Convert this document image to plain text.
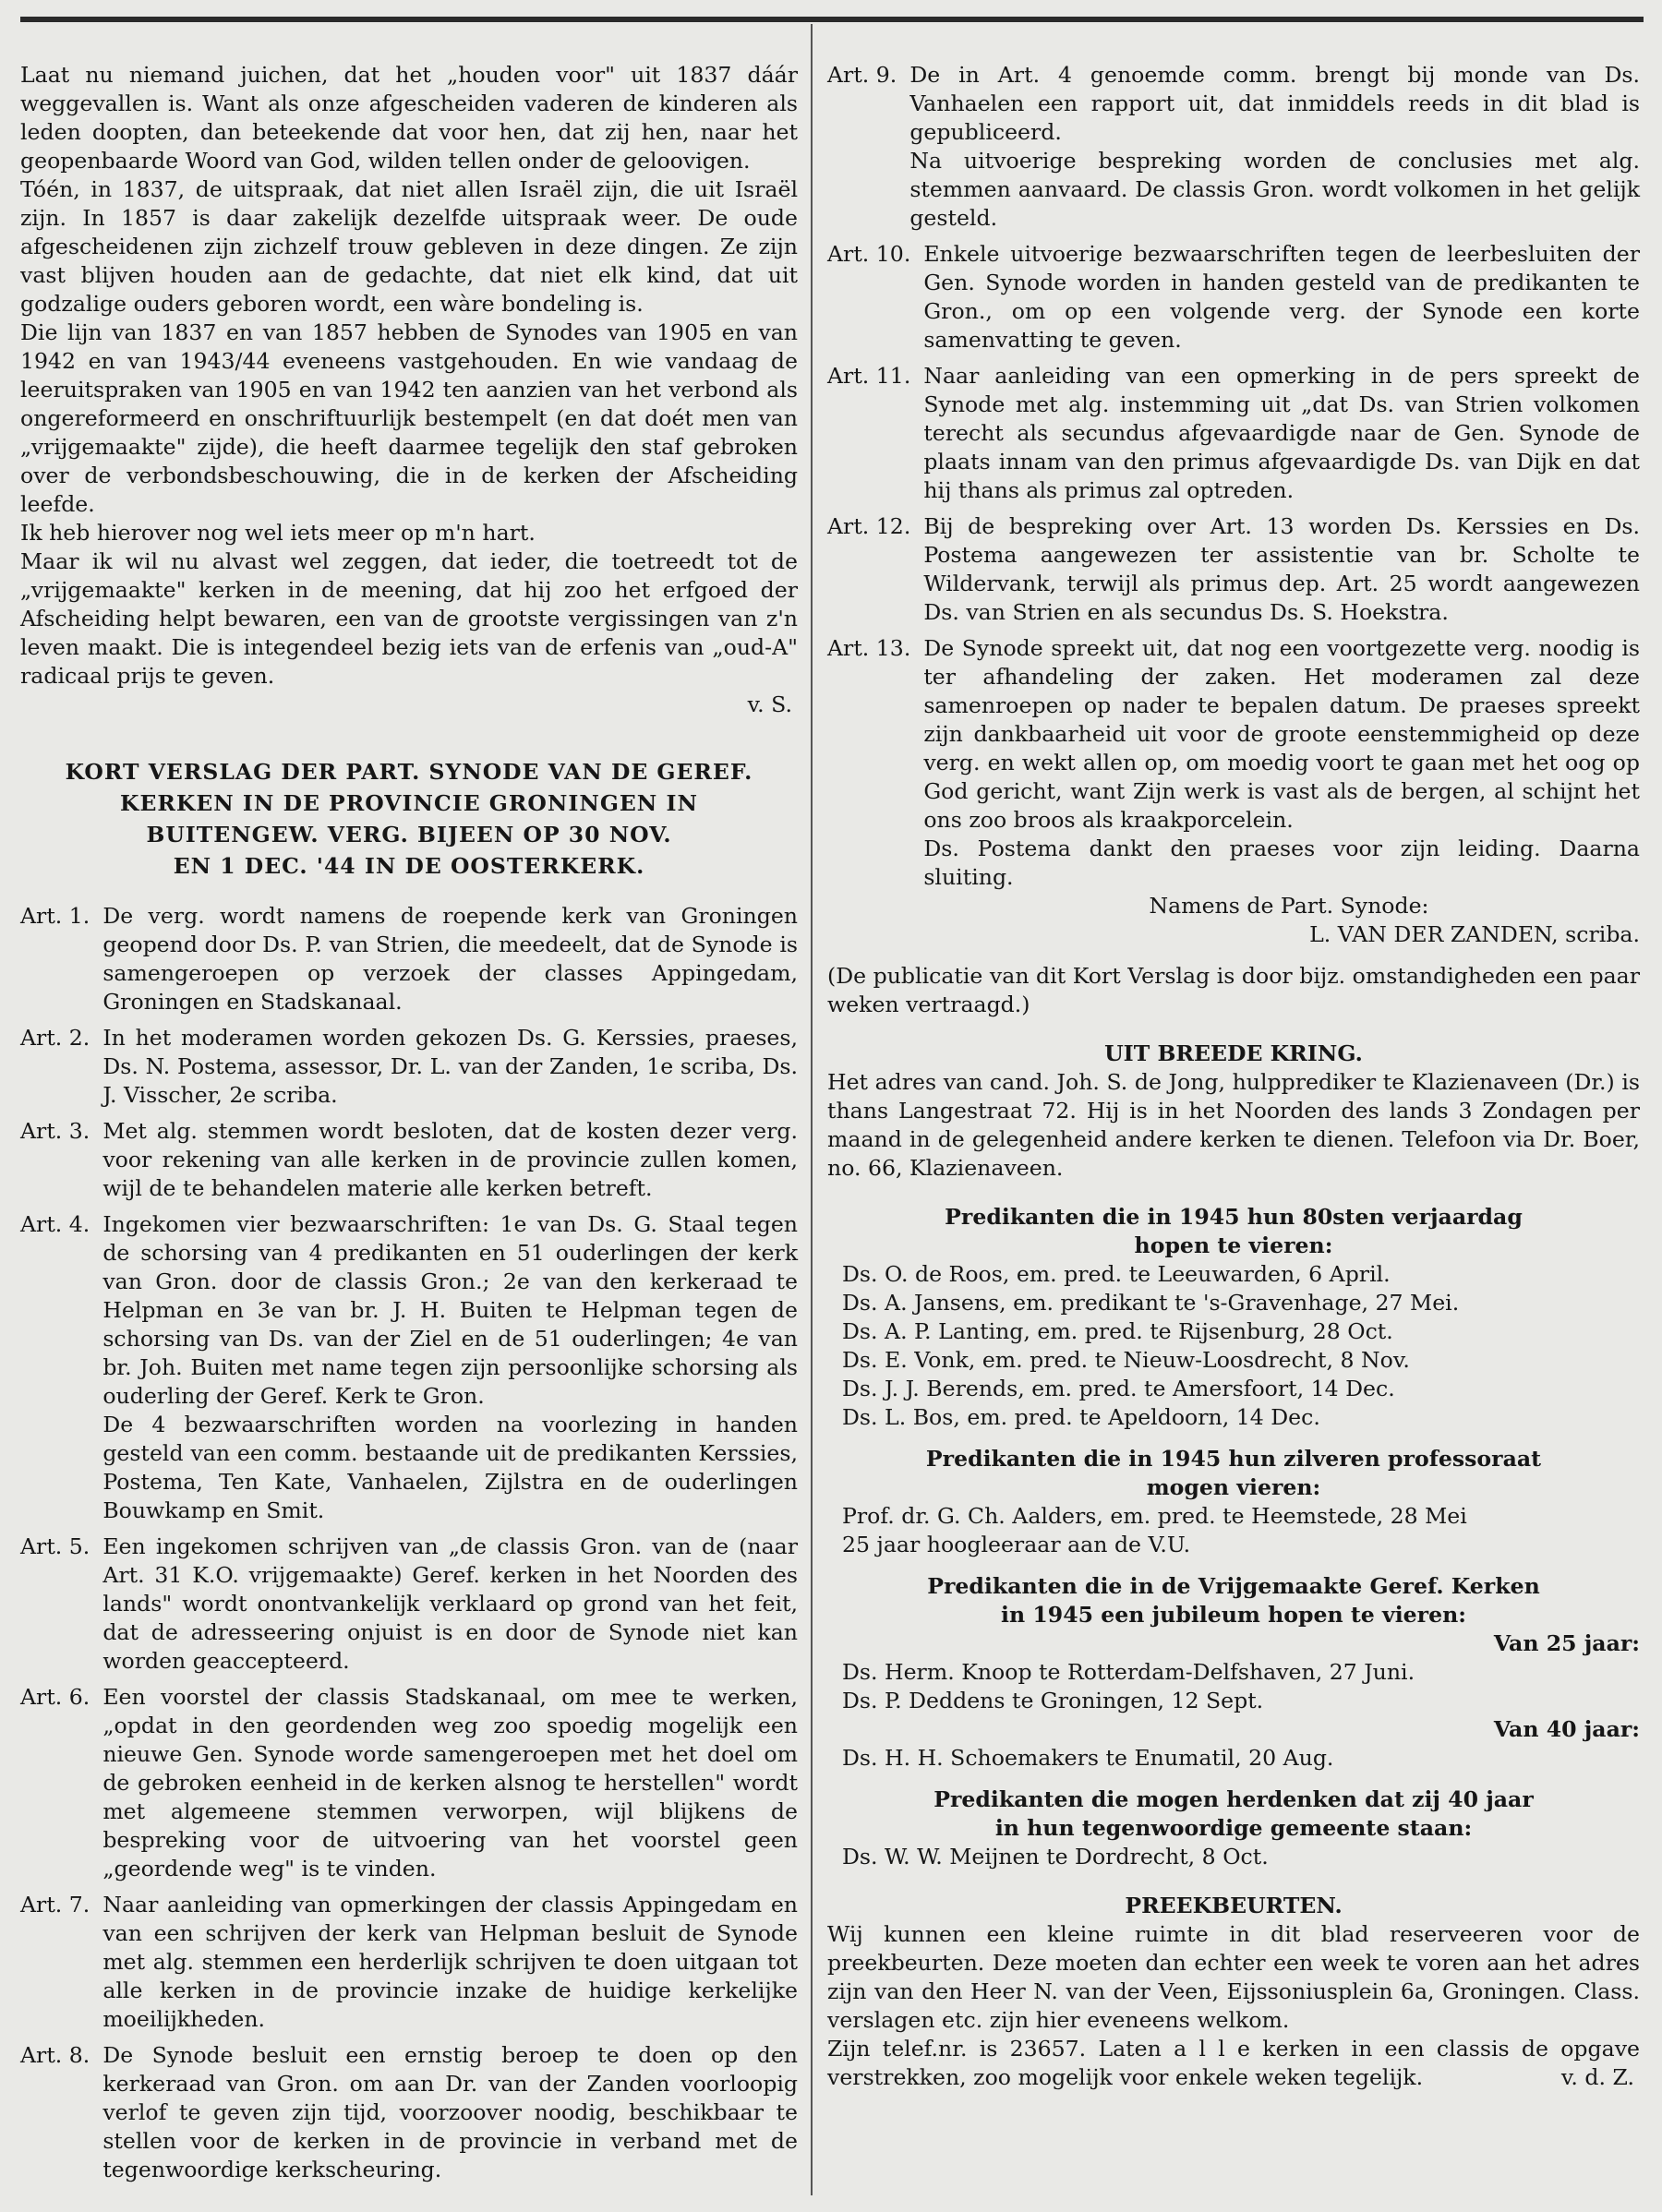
Laat nu niemand juichen, dat het „houden voor" uit 1837 dáár weggevallen is. Want als onze afgescheiden vaderen de kinderen als leden doopten, dan beteekende dat voor hen, dat zij hen, naar het geopenbaarde Woord van God, wilden tellen onder de geloovigen.

Tóén, in 1837, de uitspraak, dat niet allen Israël zijn, die uit Israël zijn. In 1857 is daar zakelijk dezelfde uitspraak weer. De oude afgescheidenen zijn zichzelf trouw gebleven in deze dingen. Ze zijn vast blijven houden aan de gedachte, dat niet elk kind, dat uit godzalige ouders geboren wordt, een wàre bondeling is.

Die lijn van 1837 en van 1857 hebben de Synodes van 1905 en van 1942 en van 1943/44 eveneens vastgehouden. En wie vandaag de leeruitspraken van 1905 en van 1942 ten aanzien van het verbond als ongereformeerd en onschriftuurlijk bestempelt (en dat doét men van „vrijgemaakte" zijde), die heeft daarmee tegelijk den staf gebroken over de verbondsbeschouwing, die in de kerken der Afscheiding leefde.

Ik heb hierover nog wel iets meer op m'n hart.

Maar ik wil nu alvast wel zeggen, dat ieder, die toetreedt tot de „vrijgemaakte" kerken in de meening, dat hij zoo het erfgoed der Afscheiding helpt bewaren, een van de grootste vergissingen van z'n leven maakt. Die is integendeel bezig iets van de erfenis van „oud-A" radicaal prijs te geven.

v. S.

KORT VERSLAG DER PART. SYNODE VAN DE GEREF.

KERKEN IN DE PROVINCIE GRONINGEN IN

BUITENGEW. VERG. BIJEEN OP 30 NOV.

EN 1 DEC. '44 IN DE OOSTERKERK.

Art. 1. De verg. wordt namens de roepende kerk van Groningen geopend door Ds. P. van Strien, die meedeelt, dat de Synode is samengeroepen op verzoek der classes Appingedam, Groningen en Stadskanaal.
Art. 2. In het moderamen worden gekozen Ds. G. Kerssies, praeses, Ds. N. Postema, assessor, Dr. L. van der Zanden, 1e scriba, Ds. J. Visscher, 2e scriba.
Art. 3. Met alg. stemmen wordt besloten, dat de kosten dezer verg. voor rekening van alle kerken in de provincie zullen komen, wijl de te behandelen materie alle kerken betreft.
Art. 4. Ingekomen vier bezwaarschriften: 1e van Ds. G. Staal tegen de schorsing van 4 predikanten en 51 ouderlingen der kerk van Gron. door de classis Gron.; 2e van den kerkeraad te Helpman en 3e van br. J. H. Buiten te Helpman tegen de schorsing van Ds. van der Ziel en de 51 ouderlingen; 4e van br. Joh. Buiten met name tegen zijn persoonlijke schorsing als ouderling der Geref. Kerk te Gron.
De 4 bezwaarschriften worden na voorlezing in handen gesteld van een comm. bestaande uit de predikanten Kerssies, Postema, Ten Kate, Vanhaelen, Zijlstra en de ouderlingen Bouwkamp en Smit.
Art. 5. Een ingekomen schrijven van „de classis Gron. van de (naar Art. 31 K.O. vrijgemaakte) Geref. kerken in het Noorden des lands" wordt onontvankelijk verklaard op grond van het feit, dat de adresseering onjuist is en door de Synode niet kan worden geaccepteerd.
Art. 6. Een voorstel der classis Stadskanaal, om mee te werken, „opdat in den geordenden weg zoo spoedig mogelijk een nieuwe Gen. Synode worde samengeroepen met het doel om de gebroken eenheid in de kerken alsnog te herstellen" wordt met algemeene stemmen verworpen, wijl blijkens de bespreking voor de uitvoering van het voorstel geen „geordende weg" is te vinden.
Art. 7. Naar aanleiding van opmerkingen der classis Appingedam en van een schrijven der kerk van Helpman besluit de Synode met alg. stemmen een herderlijk schrijven te doen uitgaan tot alle kerken in de provincie inzake de huidige kerkelijke moeilijkheden.
Art. 8. De Synode besluit een ernstig beroep te doen op den kerkeraad van Gron. om aan Dr. van der Zanden voorloopig verlof te geven zijn tijd, voorzoover noodig, beschikbaar te stellen voor de kerken in de provincie in verband met de tegenwoordige kerkscheuring.
Art. 9. De in Art. 4 genoemde comm. brengt bij monde van Ds. Vanhaelen een rapport uit, dat inmiddels reeds in dit blad is gepubliceerd.
Na uitvoerige bespreking worden de conclusies met alg. stemmen aanvaard. De classis Gron. wordt volkomen in het gelijk gesteld.
Art. 10. Enkele uitvoerige bezwaarschriften tegen de leerbesluiten der Gen. Synode worden in handen gesteld van de predikanten te Gron., om op een volgende verg. der Synode een korte samenvatting te geven.
Art. 11. Naar aanleiding van een opmerking in de pers spreekt de Synode met alg. instemming uit „dat Ds. van Strien volkomen terecht als secundus afgevaardigde naar de Gen. Synode de plaats innam van den primus afgevaardigde Ds. van Dijk en dat hij thans als primus zal optreden.
Art. 12. Bij de bespreking over Art. 13 worden Ds. Kerssies en Ds. Postema aangewezen ter assistentie van br. Scholte te Wildervank, terwijl als primus dep. Art. 25 wordt aangewezen Ds. van Strien en als secundus Ds. S. Hoekstra.
Art. 13. De Synode spreekt uit, dat nog een voortgezette verg. noodig is ter afhandeling der zaken. Het moderamen zal deze samenroepen op nader te bepalen datum. De praeses spreekt zijn dankbaarheid uit voor de groote eenstemmigheid op deze verg. en wekt allen op, om moedig voort te gaan met het oog op God gericht, want Zijn werk is vast als de bergen, al schijnt het ons zoo broos als kraakporcelein.
Ds. Postema dankt den praeses voor zijn leiding. Daarna sluiting.

Namens de Part. Synode:

L. VAN DER ZANDEN, scriba.

(De publicatie van dit Kort Verslag is door bijz. omstandigheden een paar weken vertraagd.)

UIT BREEDE KRING.

Het adres van cand. Joh. S. de Jong, hulpprediker te Klazienaveen (Dr.) is thans Langestraat 72. Hij is in het Noorden des lands 3 Zondagen per maand in de gelegenheid andere kerken te dienen. Telefoon via Dr. Boer, no. 66, Klazienaveen.

Predikanten die in 1945 hun 80sten verjaardag

hopen te vieren:

Ds. O. de Roos, em. pred. te Leeuwarden, 6 April.

Ds. A. Jansens, em. predikant te 's-Gravenhage, 27 Mei.

Ds. A. P. Lanting, em. pred. te Rijsenburg, 28 Oct.

Ds. E. Vonk, em. pred. te Nieuw-Loosdrecht, 8 Nov.

Ds. J. J. Berends, em. pred. te Amersfoort, 14 Dec.

Ds. L. Bos, em. pred. te Apeldoorn, 14 Dec.

Predikanten die in 1945 hun zilveren professoraat

mogen vieren:

Prof. dr. G. Ch. Aalders, em. pred. te Heemstede, 28 Mei

25 jaar hoogleeraar aan de V.U.

Predikanten die in de Vrijgemaakte Geref. Kerken

in 1945 een jubileum hopen te vieren:

Van 25 jaar:

Ds. Herm. Knoop te Rotterdam-Delfshaven, 27 Juni.

Ds. P. Deddens te Groningen, 12 Sept.

Van 40 jaar:

Ds. H. H. Schoemakers te Enumatil, 20 Aug.

Predikanten die mogen herdenken dat zij 40 jaar

in hun tegenwoordige gemeente staan:

Ds. W. W. Meijnen te Dordrecht, 8 Oct.

PREEKBEURTEN.

Wij kunnen een kleine ruimte in dit blad reserveeren voor de preekbeurten. Deze moeten dan echter een week te voren aan het adres zijn van den Heer N. van der Veen, Eijssoniusplein 6a, Groningen. Class. verslagen etc. zijn hier eveneens welkom.

Zijn telef.nr. is 23657. Laten a l l e kerken in een classis de opgave verstrekken, zoo mogelijk voor enkele weken tegelijk.	v. d. Z.
